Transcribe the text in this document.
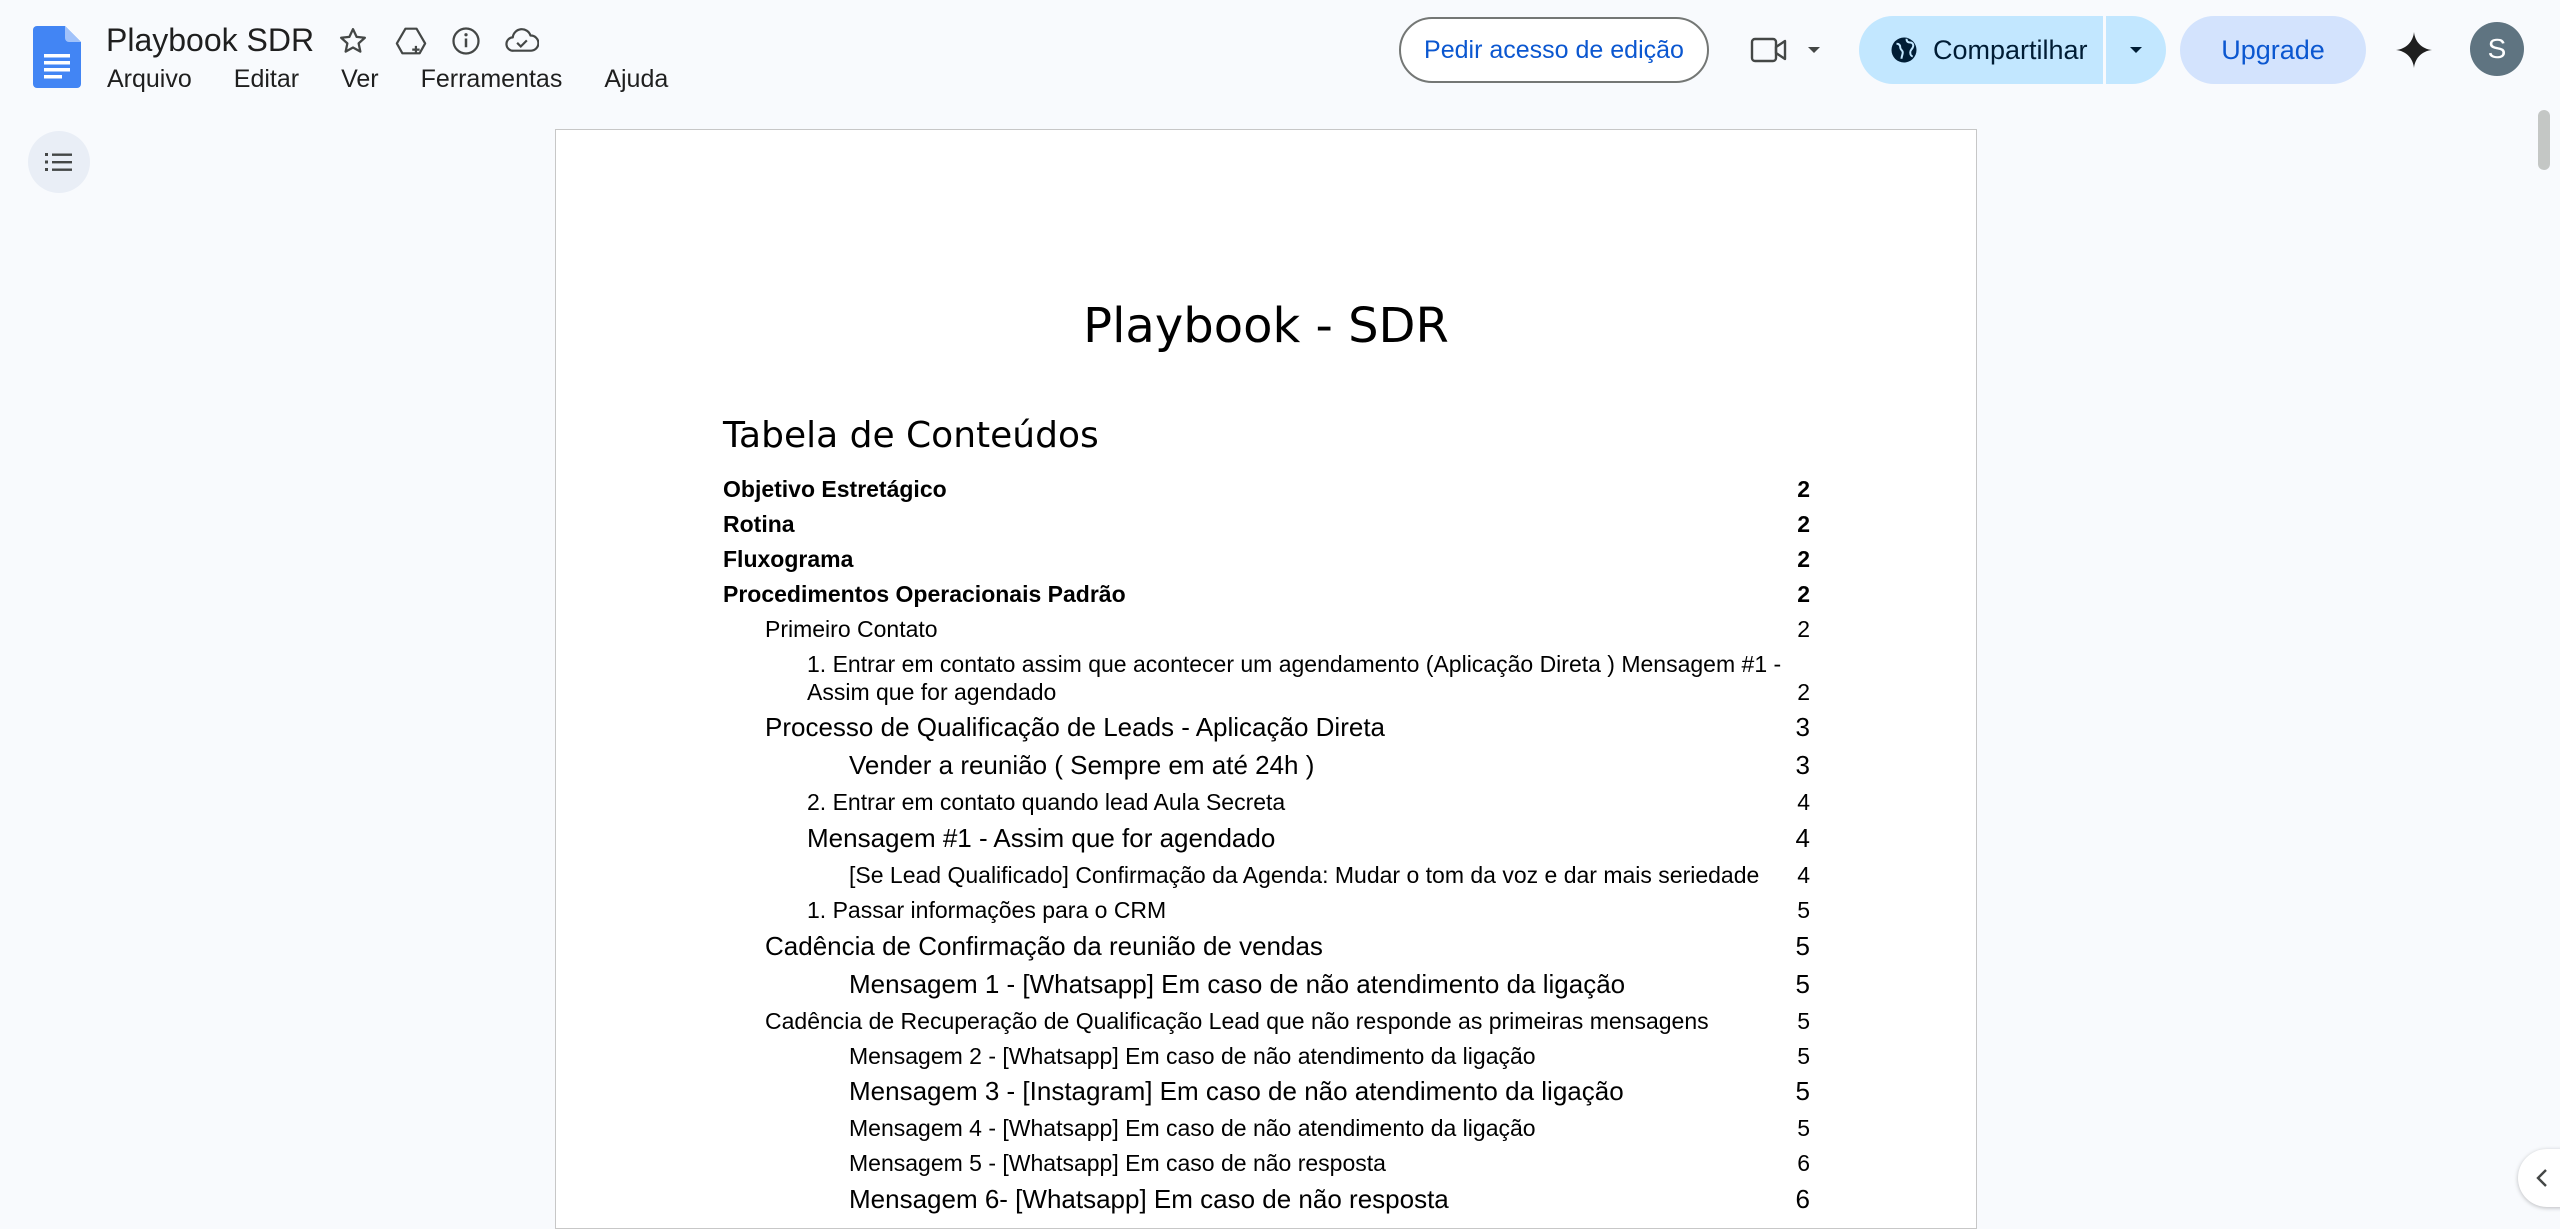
Playbook SDR
Arquivo	Editar	Ver	Ferramentas	Ajuda
Pedir acesso de edição	Compartilhar	Upgrade	S
Playbook - SDR
Tabela de Conteúdos
Objetivo Estretágico	2
Rotina	2
Fluxograma	2
Procedimentos Operacionais Padrão	2
Primeiro Contato	2
1. Entrar em contato assim que acontecer um agendamento (Aplicação Direta ) Mensagem #1 -
Assim que for agendado	2
Processo de Qualificação de Leads - Aplicação Direta	3
Vender a reunião ( Sempre em até 24h )	3
2. Entrar em contato quando lead Aula Secreta	4
Mensagem #1 - Assim que for agendado	4
[Se Lead Qualificado] Confirmação da Agenda: Mudar o tom da voz e dar mais seriedade 4
1. Passar informações para o CRM	5
Cadência de Confirmação da reunião de vendas	5
Mensagem 1 - [Whatsapp] Em caso de não atendimento da ligação	5
Cadência de Recuperação de Qualificação Lead que não responde as primeiras mensagens	5
Mensagem 2 - [Whatsapp] Em caso de não atendimento da ligação	5
Mensagem 3 - [Instagram] Em caso de não atendimento da ligação	5
Mensagem 4 - [Whatsapp] Em caso de não atendimento da ligação	5
Mensagem 5 - [Whatsapp] Em caso de não resposta	6
Mensagem 6- [Whatsapp] Em caso de não resposta	6
